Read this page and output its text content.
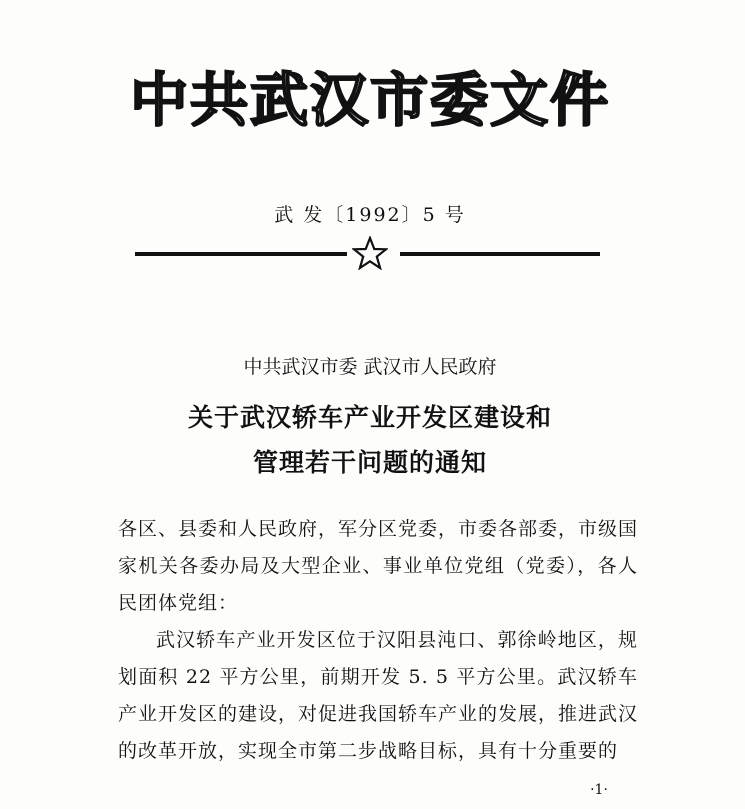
中共武汉市委文件
武 发〔1992〕5 号
中共武汉市委 武汉市人民政府
关于武汉轿车产业开发区建设和
管理若干问题的通知

各区、县委和人民政府，军分区党委，市委各部委，市级国家机关各委办局及大型企业、事业单位党组（党委），各人民团体党组：

武汉轿车产业开发区位于汉阳县沌口、郭徐岭地区，规划面积 22 平方公里，前期开发 5. 5 平方公里。武汉轿车产业开发区的建设，对促进我国轿车产业的发展，推进武汉的改革开放，实现全市第二步战略目标，具有十分重要的

·1·
